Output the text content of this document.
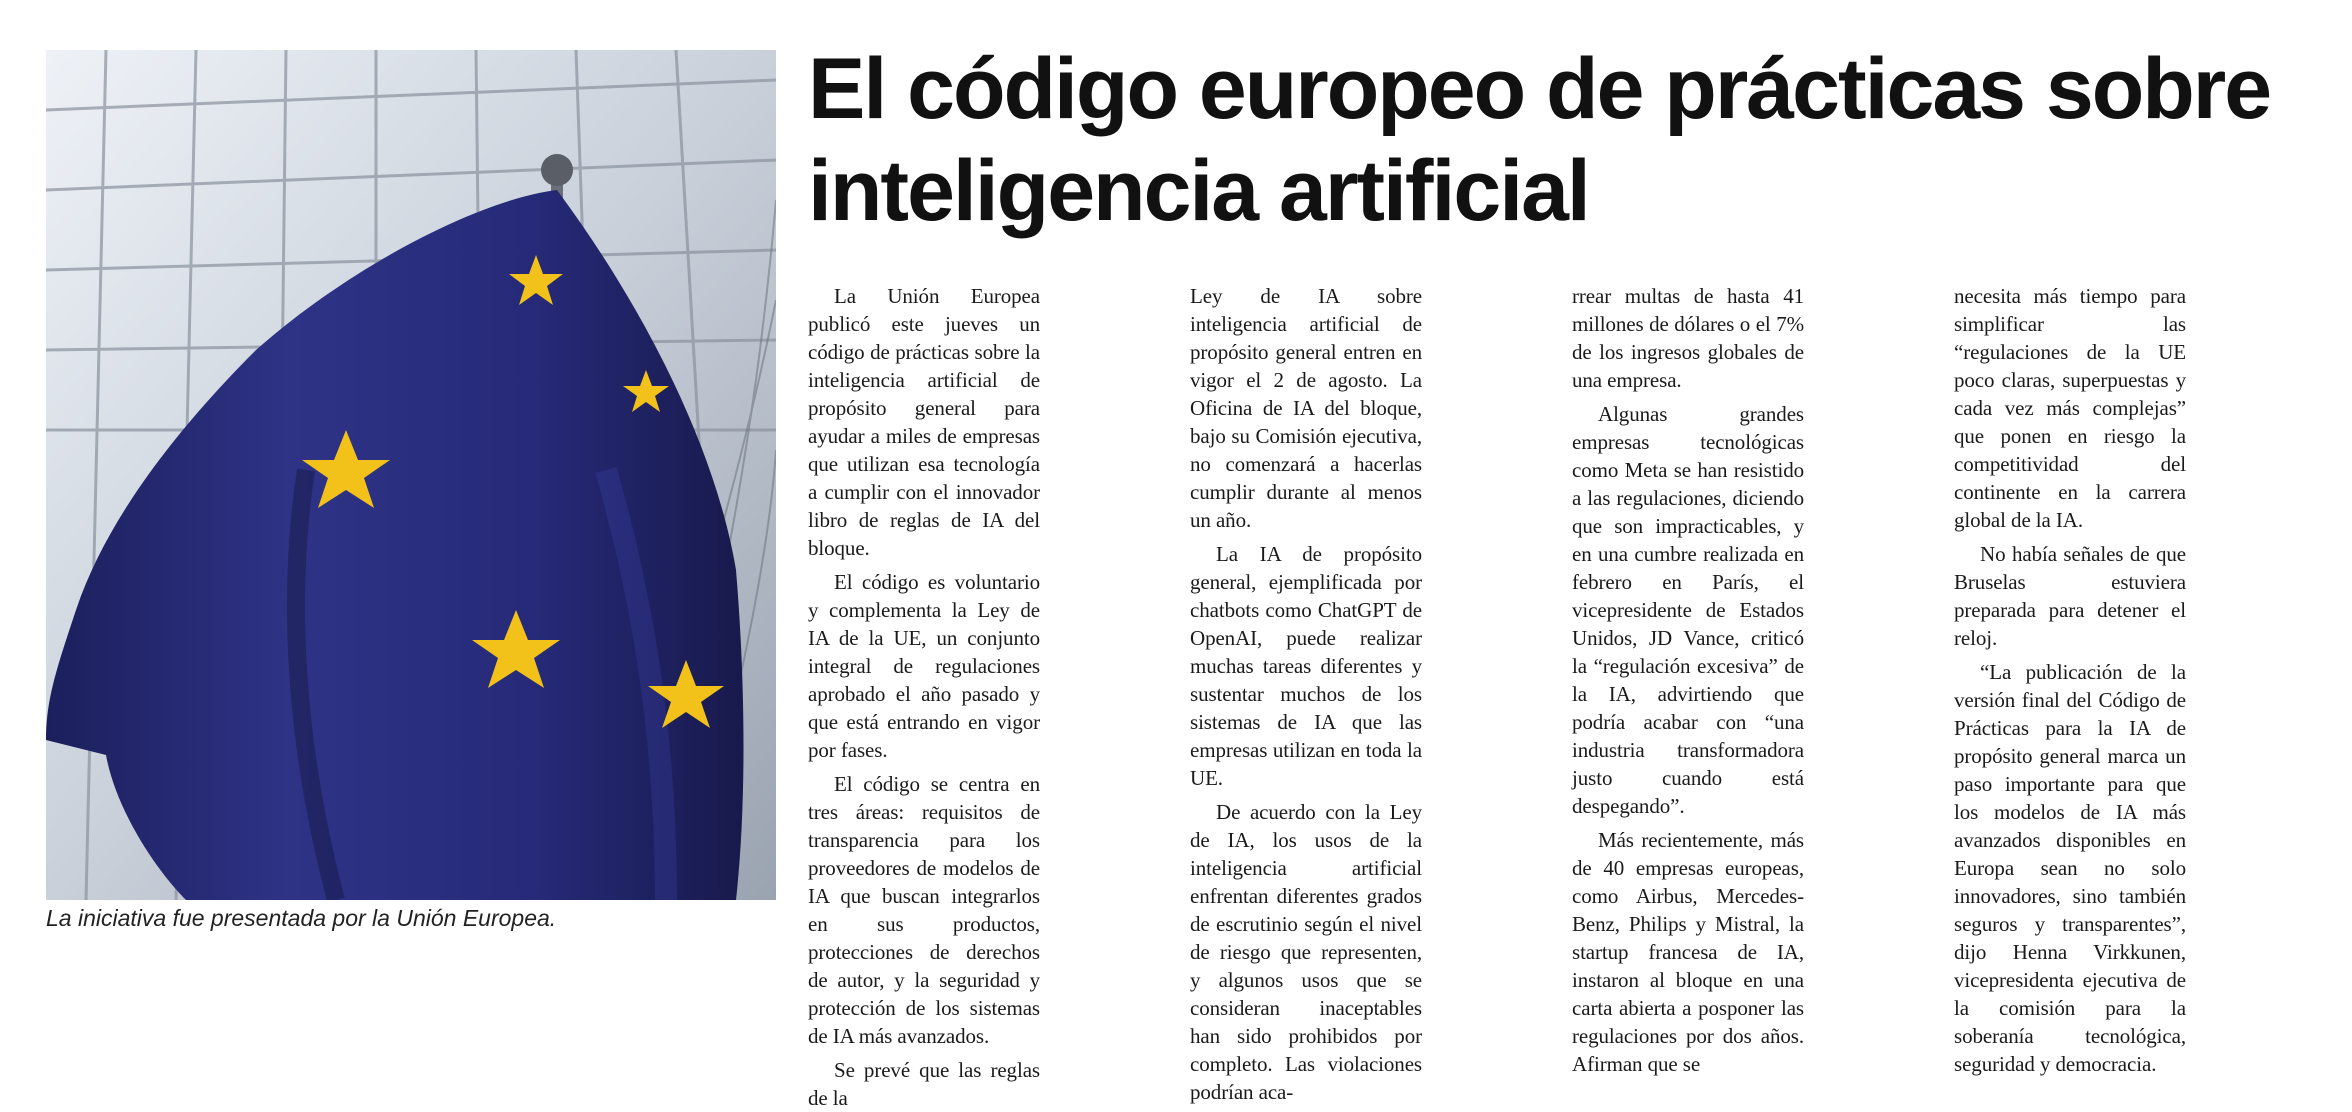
La iniciativa fue presentada por la Unión Europea.
El código europeo de prácticas sobre inteligencia artificial

La Unión Europea publicó este jueves un código de prácticas sobre la inteligencia artificial de propósito general para ayudar a miles de empresas que utilizan esa tecnología a cumplir con el innovador libro de reglas de IA del bloque.

El código es voluntario y complementa la Ley de IA de la UE, un conjunto integral de regulaciones aprobado el año pasado y que está entrando en vigor por fases.

El código se centra en tres áreas: requisitos de transparencia para los proveedores de modelos de IA que buscan integrarlos en sus productos, protecciones de derechos de autor, y la seguridad y protección de los sistemas de IA más avanzados.

Se prevé que las reglas de la

Ley de IA sobre inteligencia artificial de propósito general entren en vigor el 2 de agosto. La Oficina de IA del bloque, bajo su Comisión ejecutiva, no comenzará a hacerlas cumplir durante al menos un año.

La IA de propósito general, ejemplificada por chatbots como ChatGPT de OpenAI, puede realizar muchas tareas diferentes y sustentar muchos de los sistemas de IA que las empresas utilizan en toda la UE.

De acuerdo con la Ley de IA, los usos de la inteligencia artificial enfrentan diferentes grados de escrutinio según el nivel de riesgo que representen, y algunos usos que se consideran inaceptables han sido prohibidos por completo. Las violaciones podrían aca-

rrear multas de hasta 41 millones de dólares o el 7% de los ingresos globales de una empresa.

Algunas grandes empresas tecnológicas como Meta se han resistido a las regulaciones, diciendo que son impracticables, y en una cumbre realizada en febrero en París, el vicepresidente de Estados Unidos, JD Vance, criticó la “regulación excesiva” de la IA, advirtiendo que podría acabar con “una industria transformadora justo cuando está despegando”.

Más recientemente, más de 40 empresas europeas, como Airbus, Mercedes-Benz, Philips y Mistral, la startup francesa de IA, instaron al bloque en una carta abierta a posponer las regulaciones por dos años. Afirman que se

necesita más tiempo para simplificar las “regulaciones de la UE poco claras, superpuestas y cada vez más complejas” que ponen en riesgo la competitividad del continente en la carrera global de la IA.

No había señales de que Bruselas estuviera preparada para detener el reloj.

“La publicación de la versión final del Código de Prácticas para la IA de propósito general marca un paso importante para que los modelos de IA más avanzados disponibles en Europa sean no solo innovadores, sino también seguros y transparentes”, dijo Henna Virkkunen, vicepresidenta ejecutiva de la comisión para la soberanía tecnológica, seguridad y democracia.
